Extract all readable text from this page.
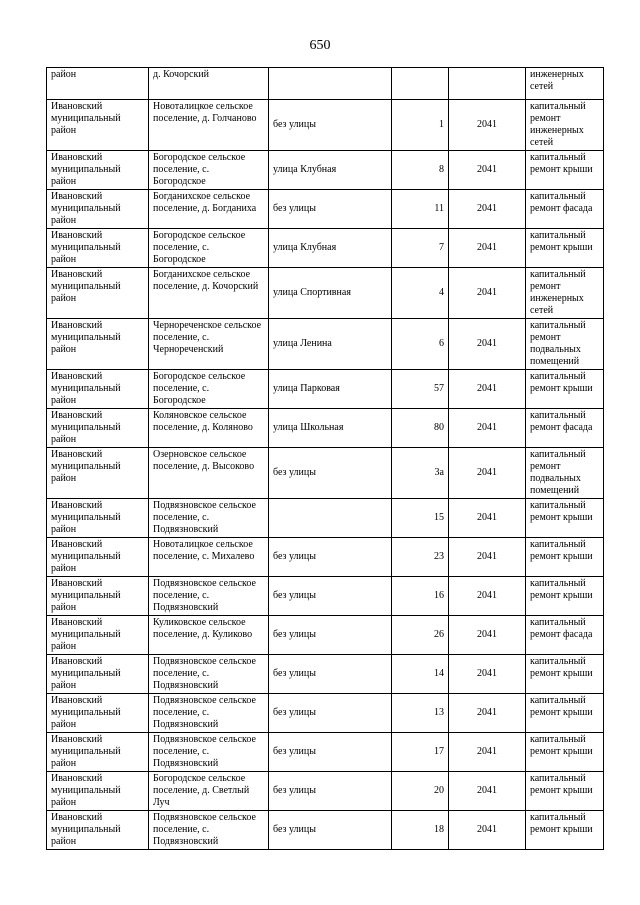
650
район	д. Кочорский				инженерных сетей
Ивановский муниципальный район	Новоталицкое сельское поселение, д. Голчаново	без улицы	1	2041	капитальный ремонт инженерных сетей
Ивановский муниципальный район	Богородское сельское поселение, с. Богородское	улица Клубная	8	2041	капитальный ремонт крыши
Ивановский муниципальный район	Богданихское сельское поселение, д. Богданиха	без улицы	11	2041	капитальный ремонт фасада
Ивановский муниципальный район	Богородское сельское поселение, с. Богородское	улица Клубная	7	2041	капитальный ремонт крыши
Ивановский муниципальный район	Богданихское сельское поселение, д. Кочорский	улица Спортивная	4	2041	капитальный ремонт инженерных сетей
Ивановский муниципальный район	Чернореченское сельское поселение, с. Чернореченский	улица Ленина	6	2041	капитальный ремонт подвальных помещений
Ивановский муниципальный район	Богородское сельское поселение, с. Богородское	улица Парковая	57	2041	капитальный ремонт крыши
Ивановский муниципальный район	Коляновское сельское поселение, д. Коляново	улица Школьная	80	2041	капитальный ремонт фасада
Ивановский муниципальный район	Озерновское сельское поселение, д. Высоково	без улицы	3а	2041	капитальный ремонт подвальных помещений
Ивановский муниципальный район	Подвязновское сельское поселение, с. Подвязновский		15	2041	капитальный ремонт крыши
Ивановский муниципальный район	Новоталицкое сельское поселение, с. Михалево	без улицы	23	2041	капитальный ремонт крыши
Ивановский муниципальный район	Подвязновское сельское поселение, с. Подвязновский	без улицы	16	2041	капитальный ремонт крыши
Ивановский муниципальный район	Куликовское сельское поселение, д. Куликово	без улицы	26	2041	капитальный ремонт фасада
Ивановский муниципальный район	Подвязновское сельское поселение, с. Подвязновский	без улицы	14	2041	капитальный ремонт крыши
Ивановский муниципальный район	Подвязновское сельское поселение, с. Подвязновский	без улицы	13	2041	капитальный ремонт крыши
Ивановский муниципальный район	Подвязновское сельское поселение, с. Подвязновский	без улицы	17	2041	капитальный ремонт крыши
Ивановский муниципальный район	Богородское сельское поселение, д. Светлый Луч	без улицы	20	2041	капитальный ремонт крыши
Ивановский муниципальный район	Подвязновское сельское поселение, с. Подвязновский	без улицы	18	2041	капитальный ремонт крыши
